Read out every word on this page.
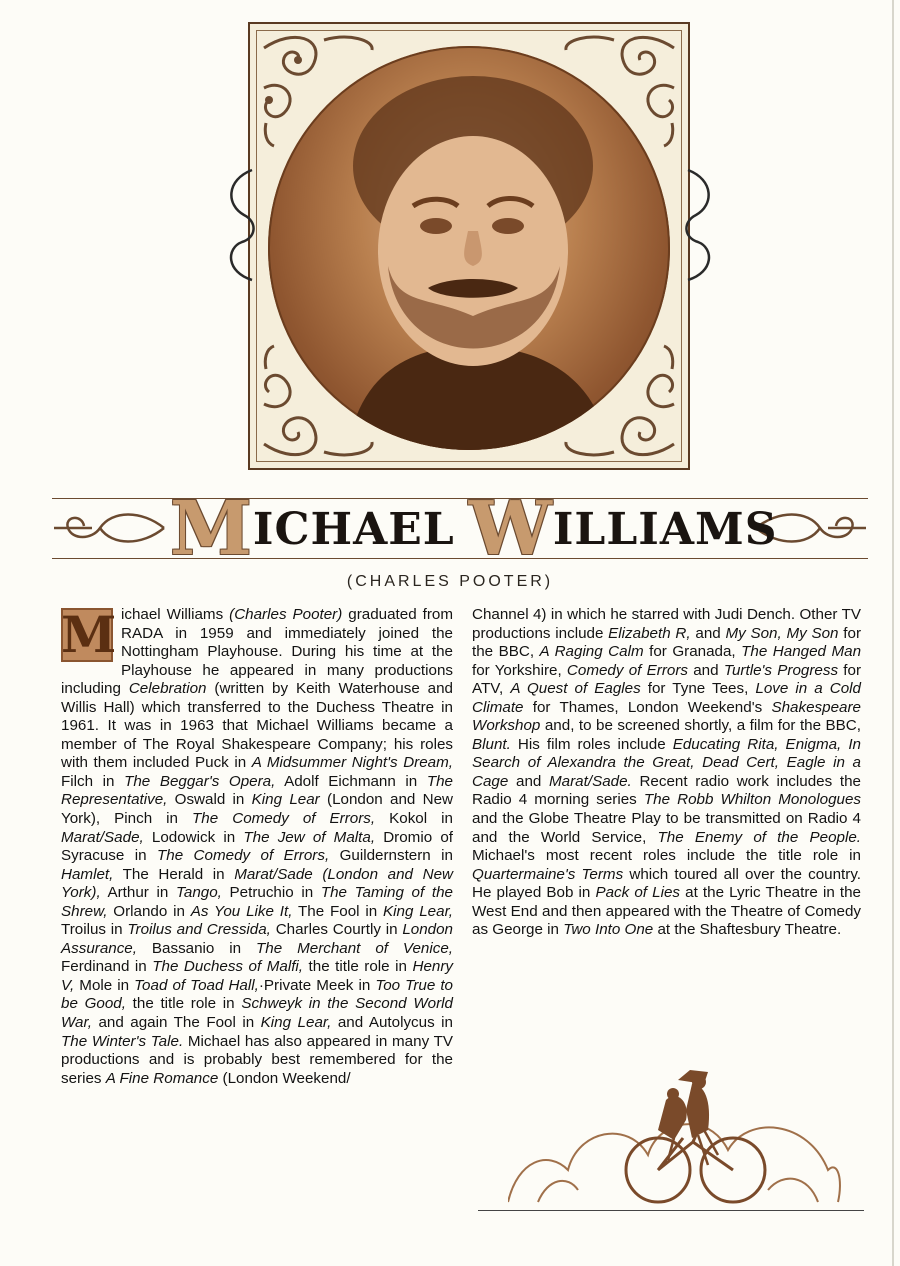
MICHAEL WILLIAMS
(CHARLES POOTER)
M ichael Williams (Charles Pooter) graduated from RADA in 1959 and immediately joined the Nottingham Playhouse. During his time at the Playhouse he appeared in many productions including Celebration (written by Keith Waterhouse and Willis Hall) which transferred to the Duchess Theatre in 1961. It was in 1963 that Michael Williams became a member of The Royal Shakespeare Company; his roles with them included Puck in A Midsummer Night's Dream, Filch in The Beggar's Opera, Adolf Eichmann in The Representative, Oswald in King Lear (London and New York), Pinch in The Comedy of Errors, Kokol in Marat/Sade, Lodowick in The Jew of Malta, Dromio of Syracuse in The Comedy of Errors, Guildernstern in Hamlet, The Herald in Marat/Sade (London and New York), Arthur in Tango, Petruchio in The Taming of the Shrew, Orlando in As You Like It, The Fool in King Lear, Troilus in Troilus and Cressida, Charles Courtly in London Assurance, Bassanio in The Merchant of Venice, Ferdinand in The Duchess of Malfi, the title role in Henry V, Mole in Toad of Toad Hall,·Private Meek in Too True to be Good, the title role in Schweyk in the Second World War, and again The Fool in King Lear, and Autolycus in The Winter's Tale. Michael has also appeared in many TV productions and is probably best remembered for the series A Fine Romance (London Weekend/
Channel 4) in which he starred with Judi Dench. Other TV productions include Elizabeth R, and My Son, My Son for the BBC, A Raging Calm for Granada, The Hanged Man for Yorkshire, Comedy of Errors and Turtle's Progress for ATV, A Quest of Eagles for Tyne Tees, Love in a Cold Climate for Thames, London Weekend's Shakespeare Workshop and, to be screened shortly, a film for the BBC, Blunt. His film roles include Educating Rita, Enigma, In Search of Alexandra the Great, Dead Cert, Eagle in a Cage and Marat/Sade. Recent radio work includes the Radio 4 morning series The Robb Whilton Monologues and the Globe Theatre Play to be transmitted on Radio 4 and the World Service, The Enemy of the People. Michael's most recent roles include the title role in Quartermaine's Terms which toured all over the country. He played Bob in Pack of Lies at the Lyric Theatre in the West End and then appeared with the Theatre of Comedy as George in Two Into One at the Shaftesbury Theatre.
